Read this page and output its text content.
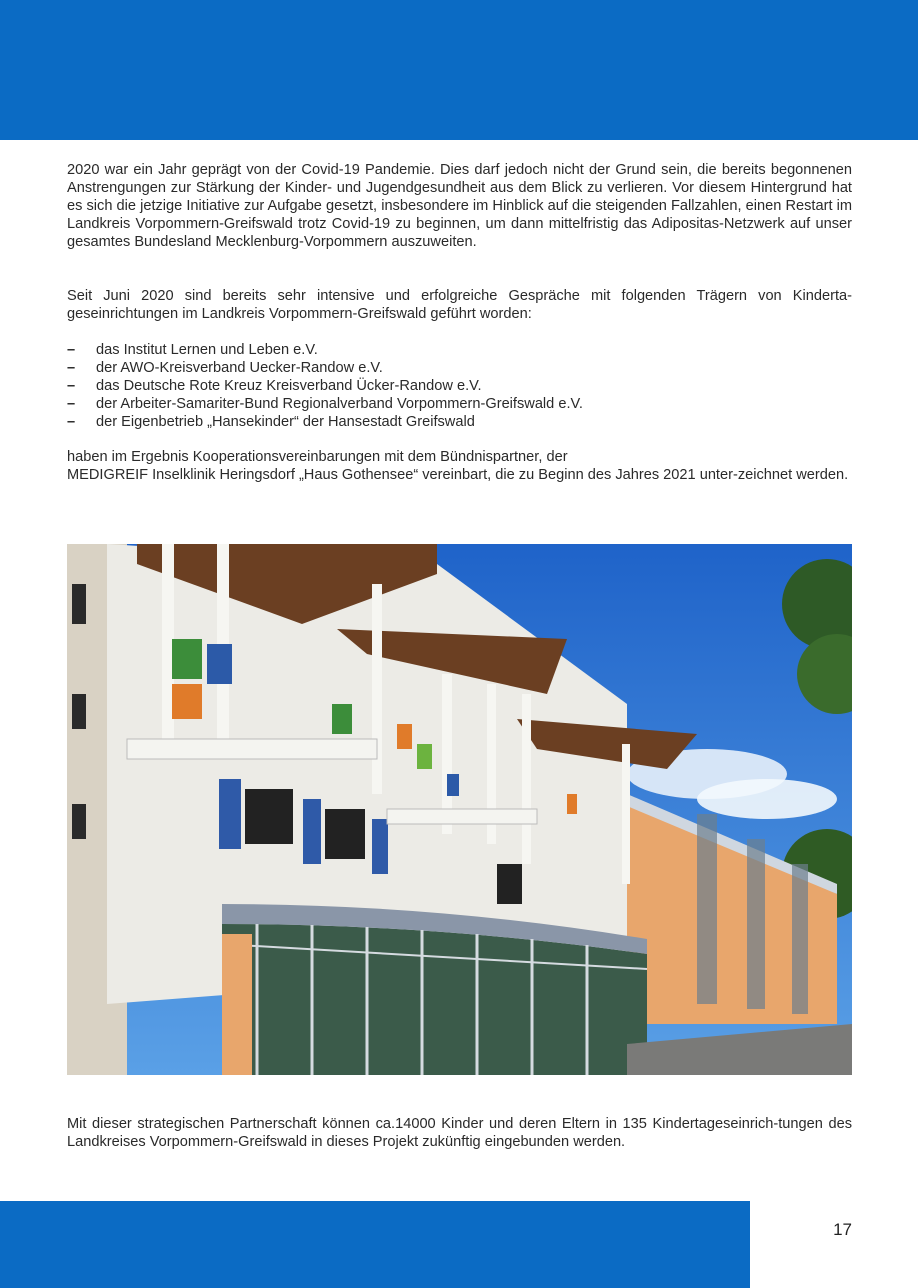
2020 war ein Jahr geprägt von der Covid-19 Pandemie. Dies darf jedoch nicht der Grund sein, die bereits begonnenen Anstrengungen zur Stärkung der Kinder- und Jugendgesundheit aus dem Blick zu verlieren. Vor diesem Hintergrund hat es sich die jetzige Initiative zur Aufgabe gesetzt, insbesondere im Hinblick auf die steigenden Fallzahlen, einen Restart im Landkreis Vorpommern-Greifswald trotz Covid-19 zu beginnen, um dann mittelfristig das Adipositas-Netzwerk auf unser gesamtes Bundesland Mecklenburg-Vorpommern auszuweiten.

Seit Juni 2020 sind bereits sehr intensive und erfolgreiche Gespräche mit folgenden Trägern von Kinderta-geseinrichtungen im Landkreis Vorpommern-Greifswald geführt worden:

– das Institut Lernen und Leben e.V.
– der AWO-Kreisverband Uecker-Randow e.V.
– das Deutsche Rote Kreuz Kreisverband Ücker-Randow e.V.
– der Arbeiter-Samariter-Bund Regionalverband Vorpommern-Greifswald e.V.
– der Eigenbetrieb „Hansekinder“ der Hansestadt Greifswald
haben im Ergebnis Kooperationsvereinbarungen mit dem Bündnispartner, der
MEDIGREIF Inselklinik Heringsdorf „Haus Gothensee“ vereinbart, die zu Beginn des Jahres 2021 unter-zeichnet werden.

Mit dieser strategischen Partnerschaft können ca.14000 Kinder und deren Eltern in 135 Kindertageseinrich-tungen des Landkreises Vorpommern-Greifswald in dieses Projekt zukünftig eingebunden werden.

17
